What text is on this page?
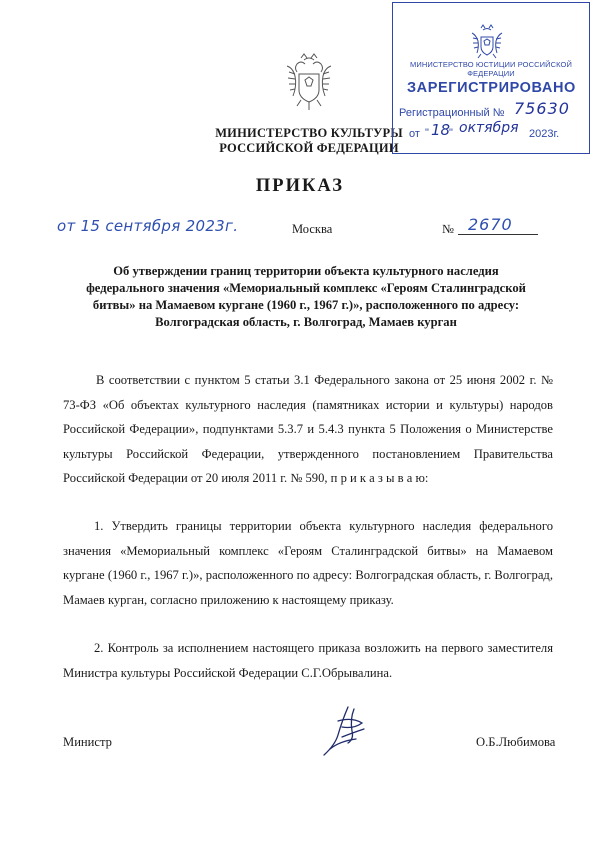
МИНИСТЕРСТВО КУЛЬТУРЫ
РОССИЙСКОЙ ФЕДЕРАЦИИ
МИНИСТЕРСТВО ЮСТИЦИИ РОССИЙСКОЙ ФЕДЕРАЦИИ
ЗАРЕГИСТРИРОВАНО
Регистрационный № 75630
от " 18
" октября 2023г.
ПРИКАЗ
от 15 сентября 2023г.	Москва	№ 2670
Об утверждении границ территории объекта культурного наследия
федерального значения «Мемориальный комплекс «Героям Сталинградской
битвы» на Мамаевом кургане (1960 г., 1967 г.)», расположенного по адресу:
Волгоградская область, г. Волгоград, Мамаев курган
В соответствии с пунктом 5 статьи 3.1 Федерального закона от 25 июня 2002 г. № 73-ФЗ «Об объектах культурного наследия (памятниках истории и культуры) народов Российской Федерации», подпунктами 5.3.7 и 5.4.3 пункта 5 Положения о Министерстве культуры Российской Федерации, утвержденного постановлением Правительства Российской Федерации от 20 июля 2011 г. № 590, п р и к а з ы в а ю:
1. Утвердить границы территории объекта культурного наследия федерального значения «Мемориальный комплекс «Героям Сталинградской битвы» на Мамаевом кургане (1960 г., 1967 г.)», расположенного по адресу: Волгоградская область, г. Волгоград, Мамаев курган, согласно приложению к настоящему приказу.
2. Контроль за исполнением настоящего приказа возложить на первого заместителя Министра культуры Российской Федерации С.Г.Обрывалина.
Министр	О.Б.Любимова
